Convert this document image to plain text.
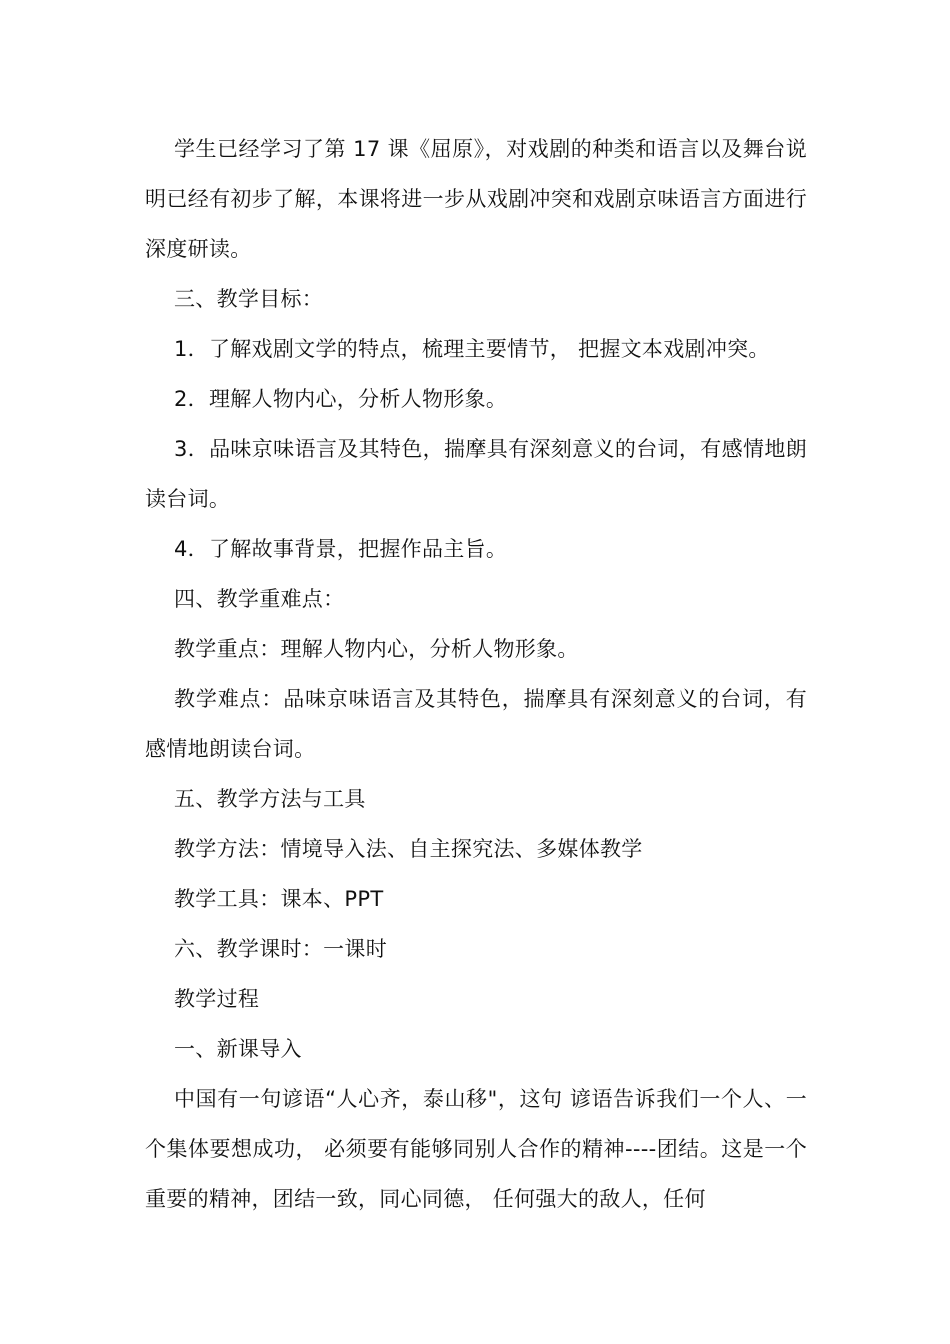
学生已经学习了第 17 课《屈原》，对戏剧的种类和语言以及舞台说明已经有初步了解，本课将进一步从戏剧冲突和戏剧京味语言方面进行深度研读。

三、教学目标：

1．了解戏剧文学的特点，梳理主要情节， 把握文本戏剧冲突。

2．理解人物内心，分析人物形象。

3．品味京味语言及其特色，揣摩具有深刻意义的台词，有感情地朗读台词。

4．了解故事背景，把握作品主旨。

四、教学重难点：

教学重点：理解人物内心，分析人物形象。

教学难点：品味京味语言及其特色，揣摩具有深刻意义的台词，有感情地朗读台词。

五、教学方法与工具

教学方法：情境导入法、自主探究法、多媒体教学

教学工具：课本、PPT

六、教学课时：一课时

教学过程

一、新课导入

中国有一句谚语“人心齐，泰山移"，这句 谚语告诉我们一个人、一个集体要想成功， 必须要有能够同别人合作的精神----团结。这是一个重要的精神，团结一致，同心同德， 任何强大的敌人，任何
